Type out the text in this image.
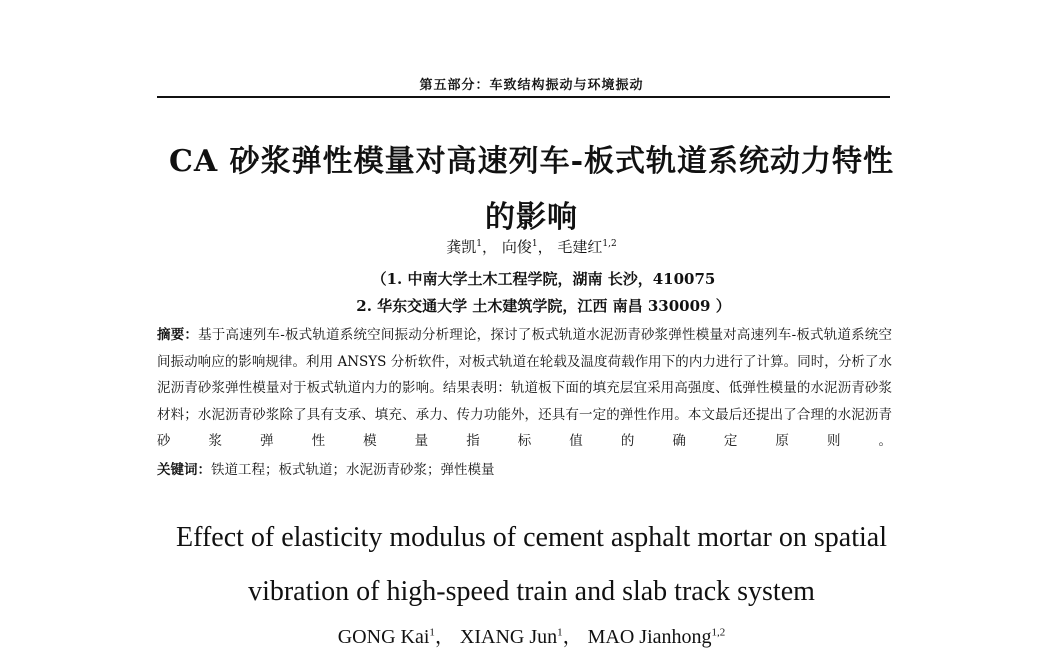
第五部分：车致结构振动与环境振动
CA 砂浆弹性模量对高速列车-板式轨道系统动力特性
的影响
龚凯$^1$， 向俊$^1$， 毛建红$^{1,2}$
（1. 中南大学土木工程学院，湖南 长沙，410075
2. 华东交通大学 土木建筑学院，江西 南昌 330009 ）
摘要：基于高速列车-板式轨道系统空间振动分析理论，探讨了板式轨道水泥沥青砂浆弹性模量对高速列车-板式轨道系统空间振动响应的影响规律。利用 ANSYS 分析软件，对板式轨道在轮载及温度荷载作用下的内力进行了计算。同时，分析了水泥沥青砂浆弹性模量对于板式轨道内力的影响。结果表明：轨道板下面的填充层宜采用高强度、低弹性模量的水泥沥青砂浆材料；水泥沥青砂浆除了具有支承、填充、承力、传力功能外，还具有一定的弹性作用。本文最后还提出了合理的水泥沥青砂浆弹性模量指标值的确定原则。
关键词：铁道工程；板式轨道；水泥沥青砂浆；弹性模量
Effect of elasticity modulus of cement asphalt mortar on spatial
vibration of high-speed train and slab track system
GONG Kai$^1$， XIANG Jun$^1$， MAO Jianhong$^{1,2}$
